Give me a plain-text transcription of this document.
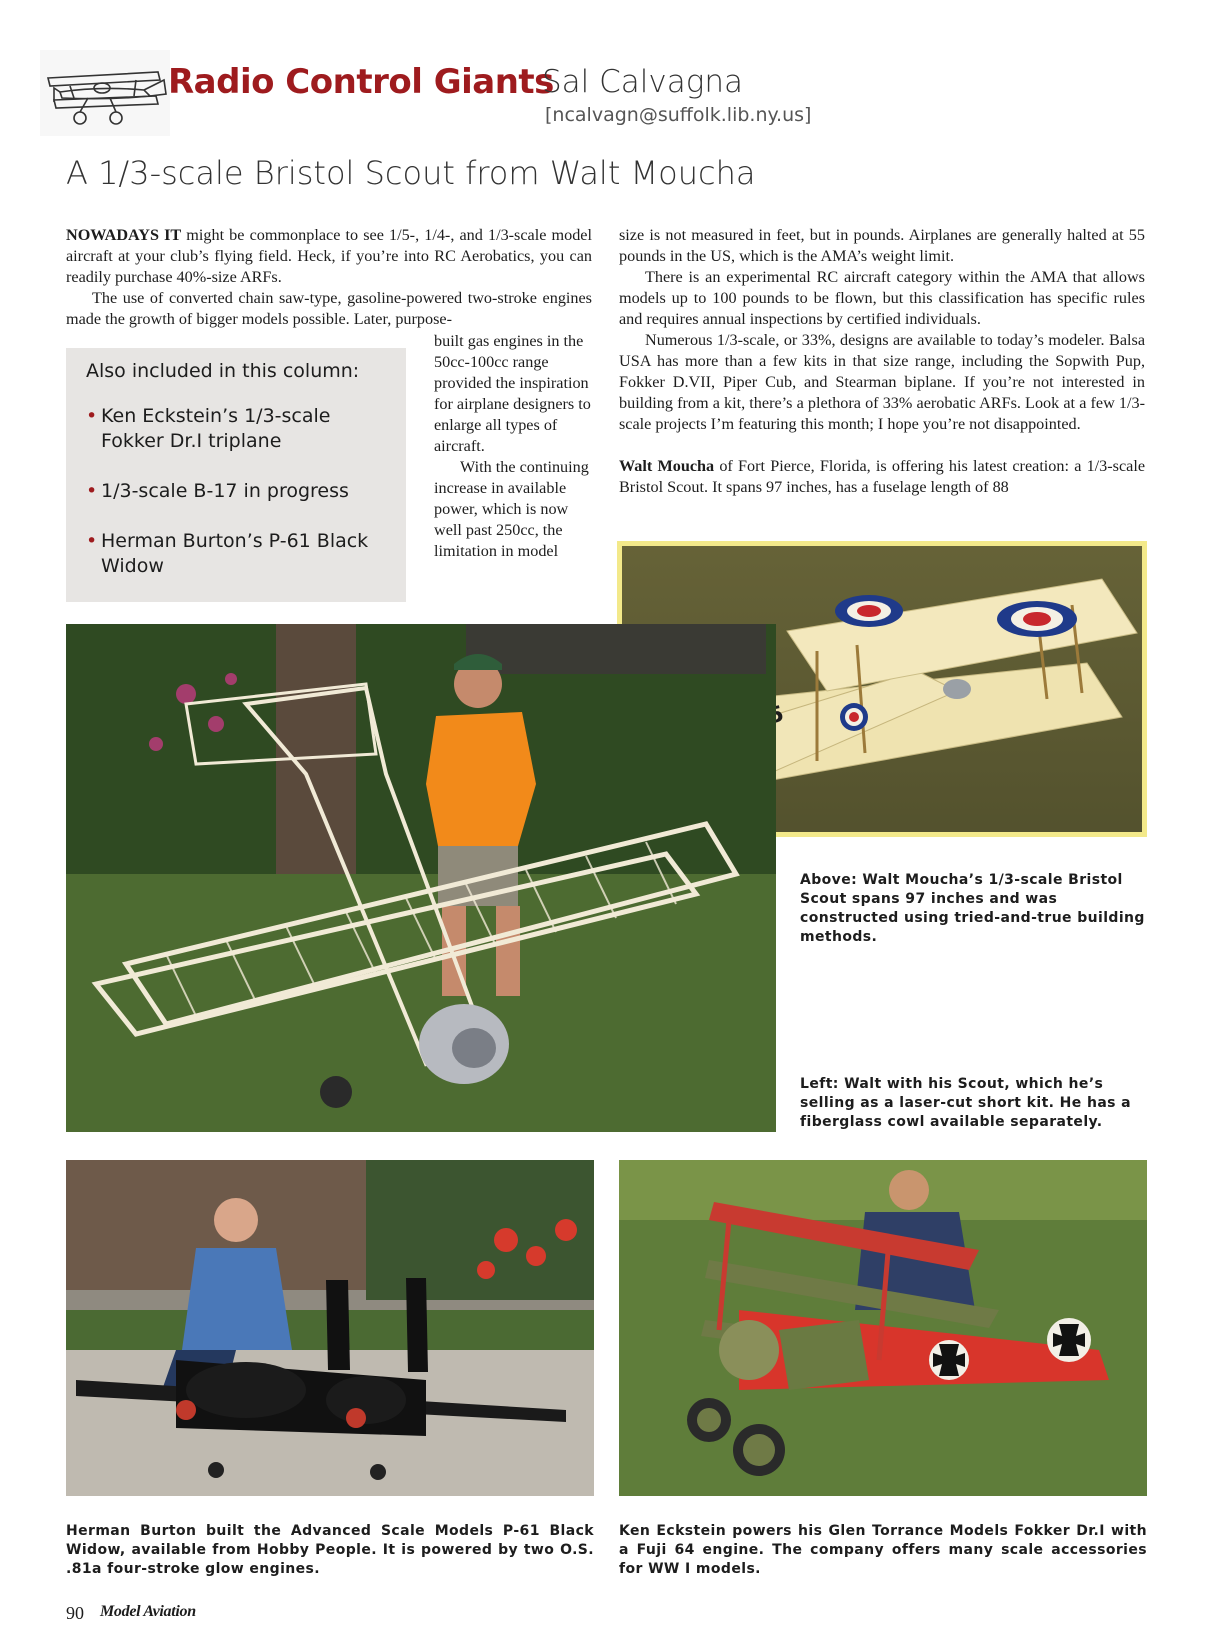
Radio Control Giants
Sal Calvagna
[ncalvagn@suffolk.lib.ny.us]
A 1/3-scale Bristol Scout from Walt Moucha

NOWADAYS IT might be commonplace to see 1/5-, 1/4-, and 1/3-scale model aircraft at your club’s flying field. Heck, if you’re into RC Aerobatics, you can readily purchase 40%-size ARFs.

The use of converted chain saw-type, gasoline-powered two-stroke engines made the growth of bigger models possible. Later, purpose-

Also included in this column:
• Ken Eckstein’s 1/3-scale Fokker Dr.I triplane
• 1/3-scale B-17 in progress
• Herman Burton’s P-61 Black Widow

built gas engines in the 50cc-100cc range provided the inspiration for airplane designers to enlarge all types of aircraft.

With the continuing increase in available power, which is now well past 250cc, the limitation in model

size is not measured in feet, but in pounds. Airplanes are generally halted at 55 pounds in the US, which is the AMA’s weight limit.

There is an experimental RC aircraft category within the AMA that allows models up to 100 pounds to be flown, but this classification has specific rules and requires annual inspections by certified individuals.

Numerous 1/3-scale, or 33%, designs are available to today’s modeler. Balsa USA has more than a few kits in that size range, including the Sopwith Pup, Fokker D.VII, Piper Cub, and Stearman biplane. If you’re not interested in building from a kit, there’s a plethora of 33% aerobatic ARFs. Look at a few 1/3-scale projects I’m featuring this month; I hope you’re not disappointed.

Walt Moucha of Fort Pierce, Florida, is offering his latest creation: a 1/3-scale Bristol Scout. It spans 97 inches, has a fuselage length of 88

Above: Walt Moucha’s 1/3-scale Bristol Scout spans 97 inches and was constructed using tried-and-true building methods.
Left: Walt with his Scout, which he’s selling as a laser-cut short kit. He has a fiberglass cowl available separately.
Herman Burton built the Advanced Scale Models P-61 Black Widow, available from Hobby People. It is powered by two O.S. .81a four-stroke glow engines.
Ken Eckstein powers his Glen Torrance Models Fokker Dr.I with a Fuji 64 engine. The company offers many scale accessories for WW I models.
90 Model Aviation
